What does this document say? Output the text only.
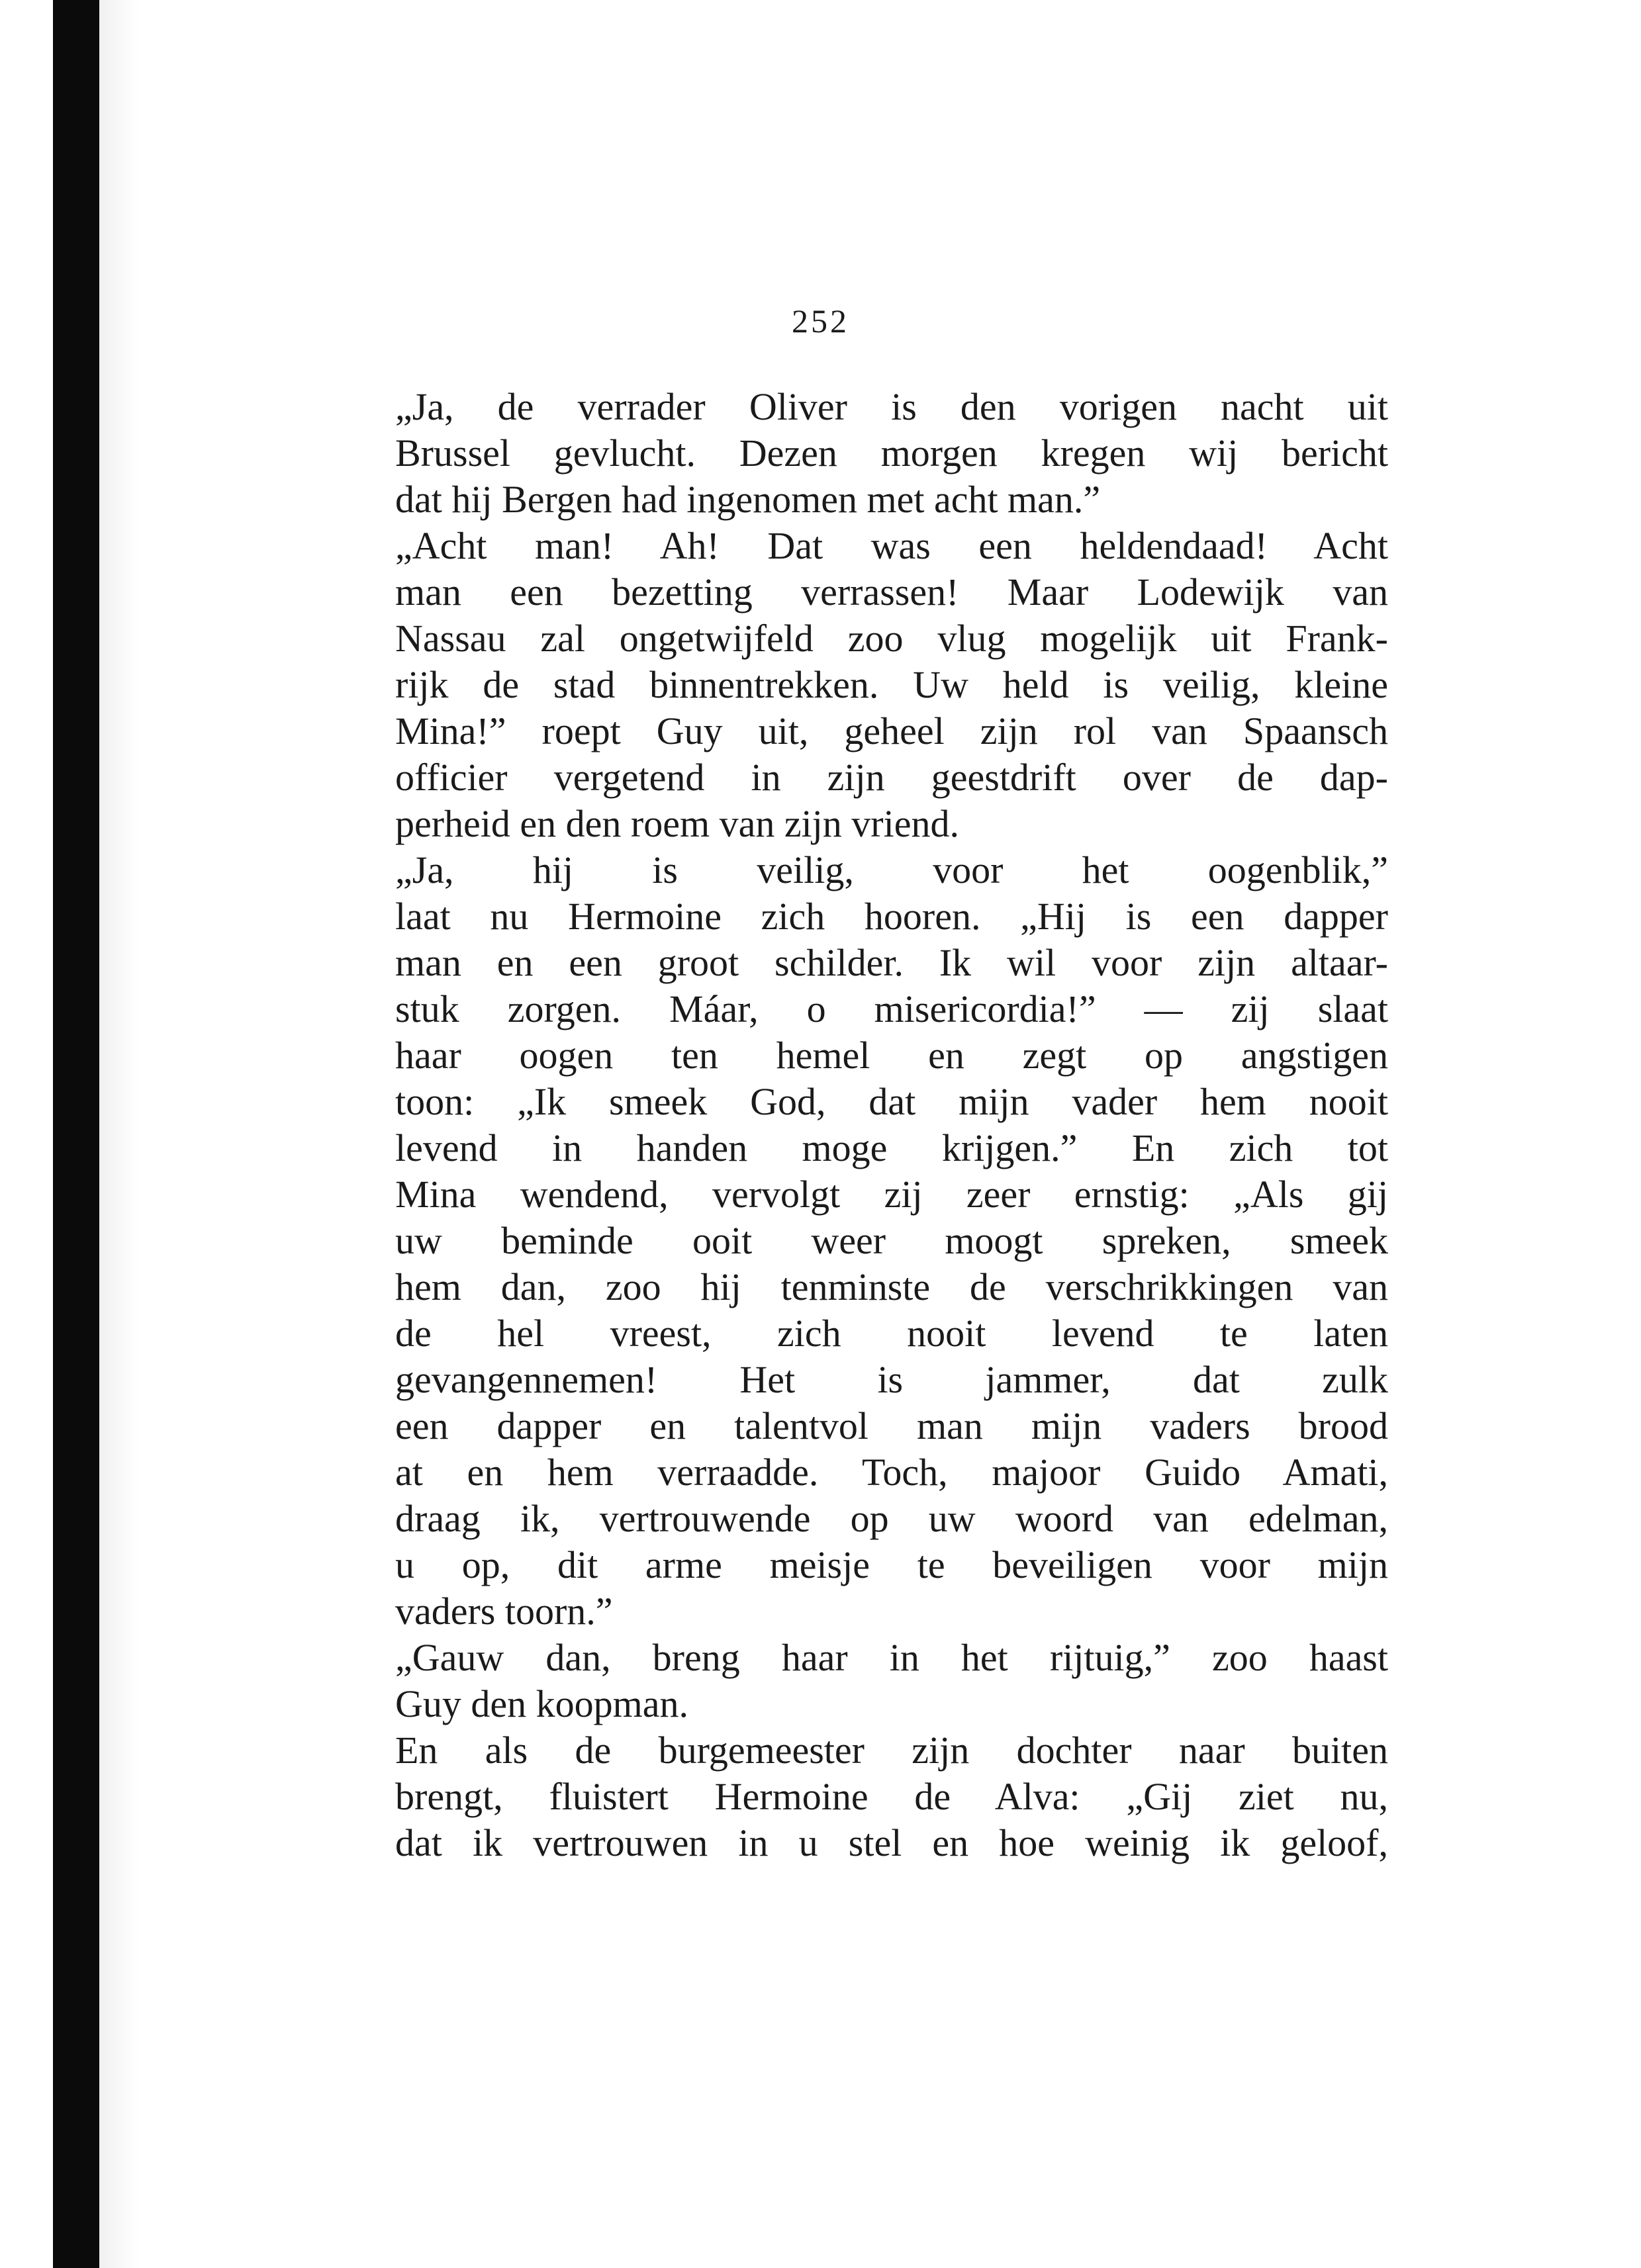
252
„Ja, de verrader Oliver is den vorigen nacht uit
Brussel gevlucht. Dezen morgen kregen wij bericht
dat hij Bergen had ingenomen met acht man.”
„Acht man! Ah! Dat was een heldendaad! Acht
man een bezetting verrassen! Maar Lodewijk van
Nassau zal ongetwijfeld zoo vlug mogelijk uit Frank-
rijk de stad binnentrekken. Uw held is veilig, kleine
Mina!” roept Guy uit, geheel zijn rol van Spaansch
officier vergetend in zijn geestdrift over de dap-
perheid en den roem van zijn vriend.
„Ja, hij is veilig, voor het oogenblik,”
laat nu Hermoine zich hooren. „Hij is een dapper
man en een groot schilder. Ik wil voor zijn altaar-
stuk zorgen. Máar, o misericordia!” — zij slaat
haar oogen ten hemel en zegt op angstigen
toon: „Ik smeek God, dat mijn vader hem nooit
levend in handen moge krijgen.” En zich tot
Mina wendend, vervolgt zij zeer ernstig: „Als gij
uw beminde ooit weer moogt spreken, smeek
hem dan, zoo hij tenminste de verschrikkingen van
de hel vreest, zich nooit levend te laten
gevangennemen! Het is jammer, dat zulk
een dapper en talentvol man mijn vaders brood
at en hem verraadde. Toch, majoor Guido Amati,
draag ik, vertrouwende op uw woord van edelman,
u op, dit arme meisje te beveiligen voor mijn
vaders toorn.”
„Gauw dan, breng haar in het rijtuig,” zoo haast
Guy den koopman.
En als de burgemeester zijn dochter naar buiten
brengt, fluistert Hermoine de Alva: „Gij ziet nu,
dat ik vertrouwen in u stel en hoe weinig ik geloof,
